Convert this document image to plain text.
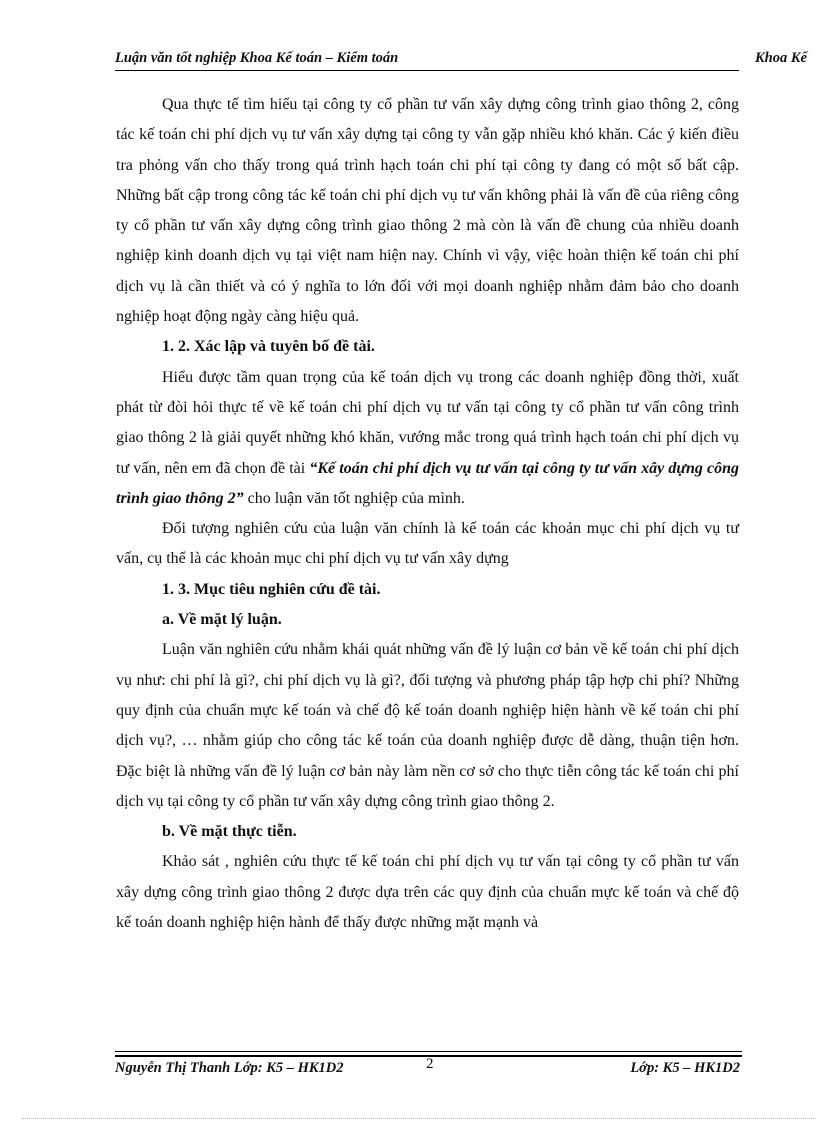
Luận văn tốt nghiệp Khoa Kế toán – Kiểm toán	Khoa Kế

Qua thực tế tìm hiểu tại công ty cổ phần tư vấn xây dựng công trình giao thông 2, công tác kế toán chi phí dịch vụ tư vấn xây dựng tại công ty vẫn gặp nhiều khó khăn. Các ý kiến điều tra phỏng vấn cho thấy trong quá trình hạch toán chi phí tại công ty đang có một số bất cập. Những bất cập trong công tác kế toán chi phí dịch vụ tư vấn không phải là vấn đề của riêng công ty cổ phần tư vấn xây dựng công trình giao thông 2 mà còn là vấn đề chung của nhiều doanh nghiệp kinh doanh dịch vụ tại việt nam hiện nay. Chính vì vậy, việc hoàn thiện kế toán chi phí dịch vụ là cần thiết và có ý nghĩa to lớn đối với mọi doanh nghiệp nhằm đảm bảo cho doanh nghiệp hoạt động ngày càng hiệu quả.

1. 2. Xác lập và tuyên bố đề tài.

Hiểu được tầm quan trọng của kế toán dịch vụ trong các doanh nghiệp đồng thời, xuất phát từ đòi hỏi thực tế về kế toán chi phí dịch vụ tư vấn tại công ty cổ phần tư vấn công trình giao thông 2 là giải quyết những khó khăn, vướng mắc trong quá trình hạch toán chi phí dịch vụ tư vấn, nên em đã chọn đề tài “Kế toán chi phí dịch vụ tư vấn tại công ty tư vấn xây dựng công trình giao thông 2” cho luận văn tốt nghiệp của mình.

Đối tượng nghiên cứu của luận văn chính là kế toán các khoản mục chi phí dịch vụ tư vấn, cụ thể là các khoản mục chi phí dịch vụ tư vấn xây dựng

1. 3. Mục tiêu nghiên cứu đề tài.
a. Về mặt lý luận.

Luận văn nghiên cứu nhằm khái quát những vấn đề lý luận cơ bản về kế toán chi phí dịch vụ như: chi phí là gì?, chi phí dịch vụ là gì?, đối tượng và phương pháp tập hợp chi phí? Những quy định của chuẩn mực kế toán và chế độ kế toán doanh nghiệp hiện hành về kế toán chi phí dịch vụ?, … nhằm giúp cho công tác kế toán của doanh nghiệp được dễ dàng, thuận tiện hơn. Đặc biệt là những vấn đề lý luận cơ bản này làm nền cơ sở cho thực tiễn công tác kế toán chi phí dịch vụ tại công ty cổ phần tư vấn xây dựng công trình giao thông 2.

b. Về mặt thực tiễn.

Khảo sát , nghiên cứu thực tế kế toán chi phí dịch vụ tư vấn tại công ty cổ phần tư vấn xây dựng công trình giao thông 2 được dựa trên các quy định của chuẩn mực kế toán và chế độ kế toán doanh nghiệp hiện hành để thấy được những mặt mạnh và

Nguyễn Thị Thanh Lớp: K5 – HK1D2	2	Lớp: K5 – HK1D2
